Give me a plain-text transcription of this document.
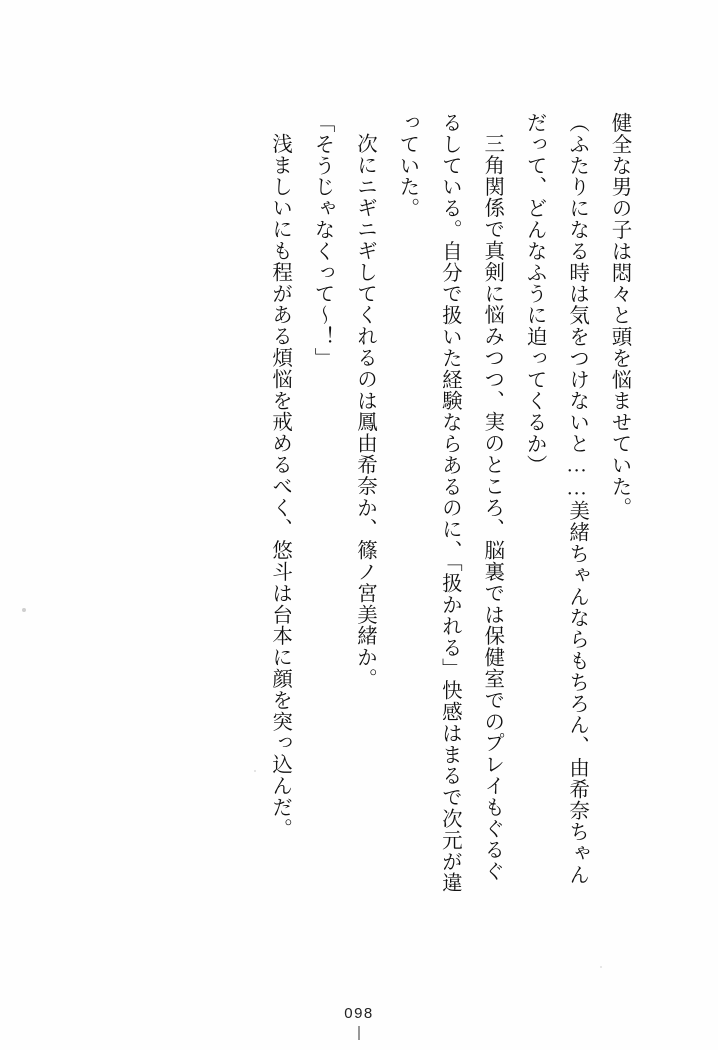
健全な男の子は悶々と頭を悩ませていた。

（ふたりになる時は気をつけないと……美緒ちゃんならもちろん、由希奈ちゃんだって、どんなふうに迫ってくるか）

三角関係で真剣に悩みつつ、実のところ、脳裏では保健室でのプレイもぐるぐるしている。自分で扱いた経験ならあるのに、「扱かれる」快感はまるで次元が違っていた。

次にニギニギしてくれるのは鳳由希奈か、篠ノ宮美緒か。

「そうじゃなくって～！」

浅ましいにも程がある煩悩を戒めるべく、悠斗は台本に顔を突っ込んだ。

098
